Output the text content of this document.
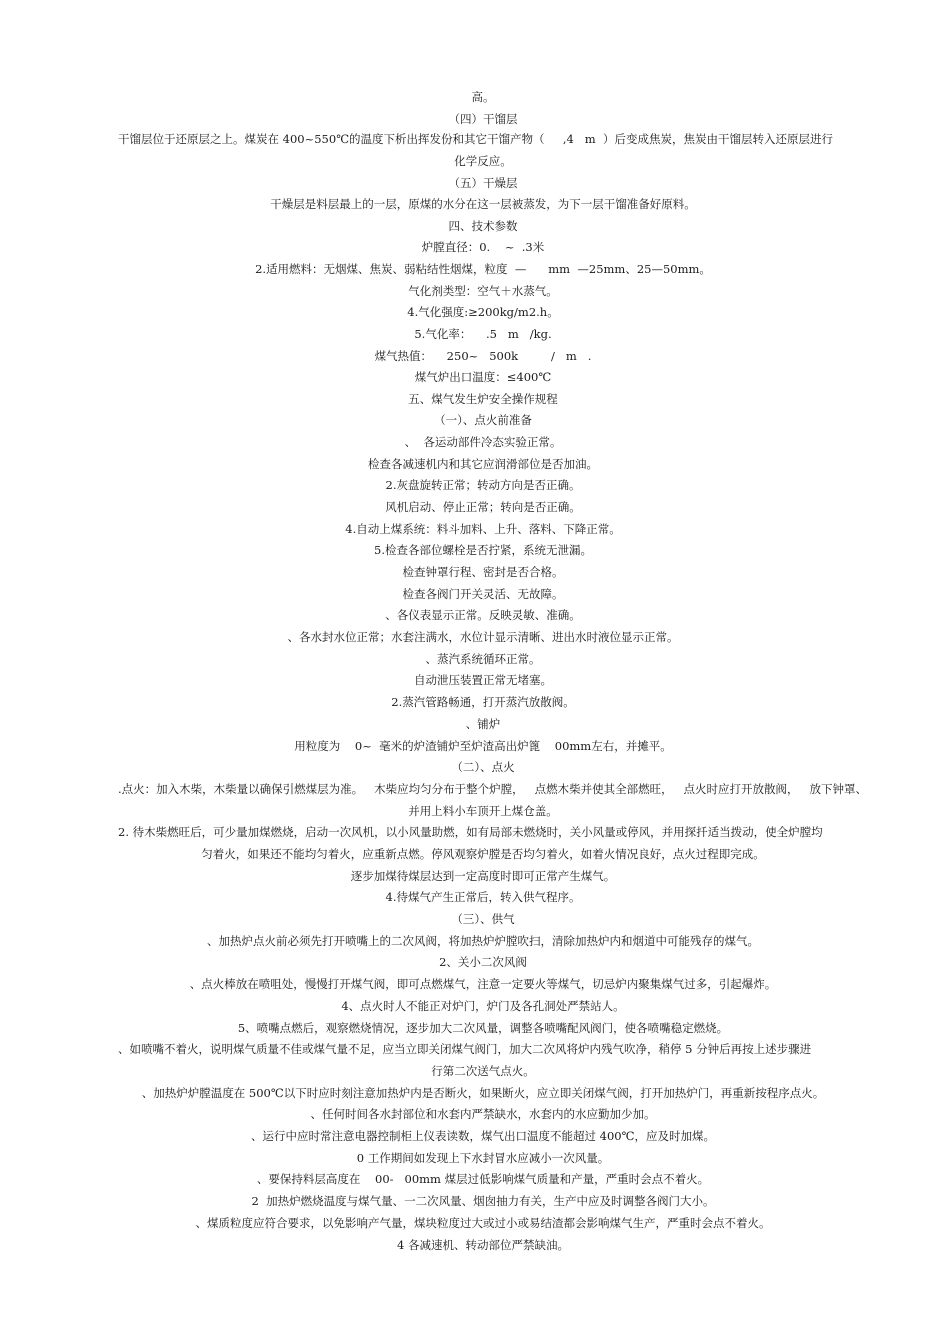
高。
（四）干馏层
干馏层位于还原层之上。煤炭在 400~550℃的温度下析出挥发份和其它干馏产物（     ,4   m  ）后变成焦炭，焦炭由干馏层转入还原层进行
化学反应。
（五）干燥层
干燥层是料层最上的一层，原煤的水分在这一层被蒸发，为下一层干馏准备好原料。
四、技术参数
炉膛直径：0.    ~  .3米
2.适用燃料：无烟煤、焦炭、弱粘结性烟煤，粒度  —      mm  —25mm、25—50mm。
气化剂类型：空气＋水蒸气。
4.气化强度:≥200kg/m2.h。
5.气化率：    .5   m   /kg.
煤气热值：    250~   500k         /   m   .
煤气炉出口温度：≤400℃
五、煤气发生炉安全操作规程
（一）、点火前准备
、  各运动部件冷态实验正常。
检查各减速机内和其它应润滑部位是否加油。
2.灰盘旋转正常；转动方向是否正确。
风机启动、停止正常；转向是否正确。
4.自动上煤系统：料斗加料、上升、落料、下降正常。
5.检查各部位螺栓是否拧紧，系统无泄漏。
检查钟罩行程、密封是否合格。
检查各阀门开关灵活、无故障。
、各仪表显示正常。反映灵敏、准确。
、各水封水位正常；水套注满水，水位计显示清晰、进出水时液位显示正常。
、蒸汽系统循环正常。
自动泄压装置正常无堵塞。
2.蒸汽管路畅通，打开蒸汽放散阀。
、铺炉
用粒度为    0~  毫米的炉渣铺炉至炉渣高出炉篦    00mm左右，并摊平。
（二）、点火
.点火：加入木柴，木柴量以确保引燃煤层为准。   木柴应均匀分布于整个炉膛，   点燃木柴并使其全部燃旺，   点火时应打开放散阀，   放下钟罩、
并用上料小车顶开上煤仓盖。
2. 待木柴燃旺后，可少量加煤燃烧，启动一次风机，以小风量助燃，如有局部未燃烧时，关小风量或停风，并用探扦适当拨动，使全炉膛均
匀着火，如果还不能均匀着火，应重新点燃。停风观察炉膛是否均匀着火，如着火情况良好，点火过程即完成。
逐步加煤待煤层达到一定高度时即可正常产生煤气。
4.待煤气产生正常后，转入供气程序。
（三）、供气
、加热炉点火前必须先打开喷嘴上的二次风阀，将加热炉炉膛吹扫，清除加热炉内和烟道中可能残存的煤气。
2、关小二次风阀
、点火棒放在喷咀处，慢慢打开煤气阀，即可点燃煤气，注意一定要火等煤气，切忌炉内聚集煤气过多，引起爆炸。
4、点火时人不能正对炉门，炉门及各孔洞处严禁站人。
5、喷嘴点燃后，观察燃烧情况，逐步加大二次风量，调整各喷嘴配风阀门，使各喷嘴稳定燃烧。
、如喷嘴不着火，说明煤气质量不佳或煤气量不足，应当立即关闭煤气阀门，加大二次风将炉内残气吹净，稍停 5 分钟后再按上述步骤进
行第二次送气点火。
、加热炉炉膛温度在 500℃以下时应时刻注意加热炉内是否断火，如果断火，应立即关闭煤气阀，打开加热炉门，再重新按程序点火。
、任何时间各水封部位和水套内严禁缺水，水套内的水应勤加少加。
、运行中应时常注意电器控制柜上仪表读数，煤气出口温度不能超过 400℃，应及时加煤。
0 工作期间如发现上下水封冒水应减小一次风量。
、要保持料层高度在    00-   00mm 煤层过低影响煤气质量和产量，严重时会点不着火。
2  加热炉燃烧温度与煤气量、一二次风量、烟囱抽力有关，生产中应及时调整各阀门大小。
、煤质粒度应符合要求，以免影响产气量，煤块粒度过大或过小或易结渣都会影响煤气生产，严重时会点不着火。
4 各减速机、转动部位严禁缺油。
